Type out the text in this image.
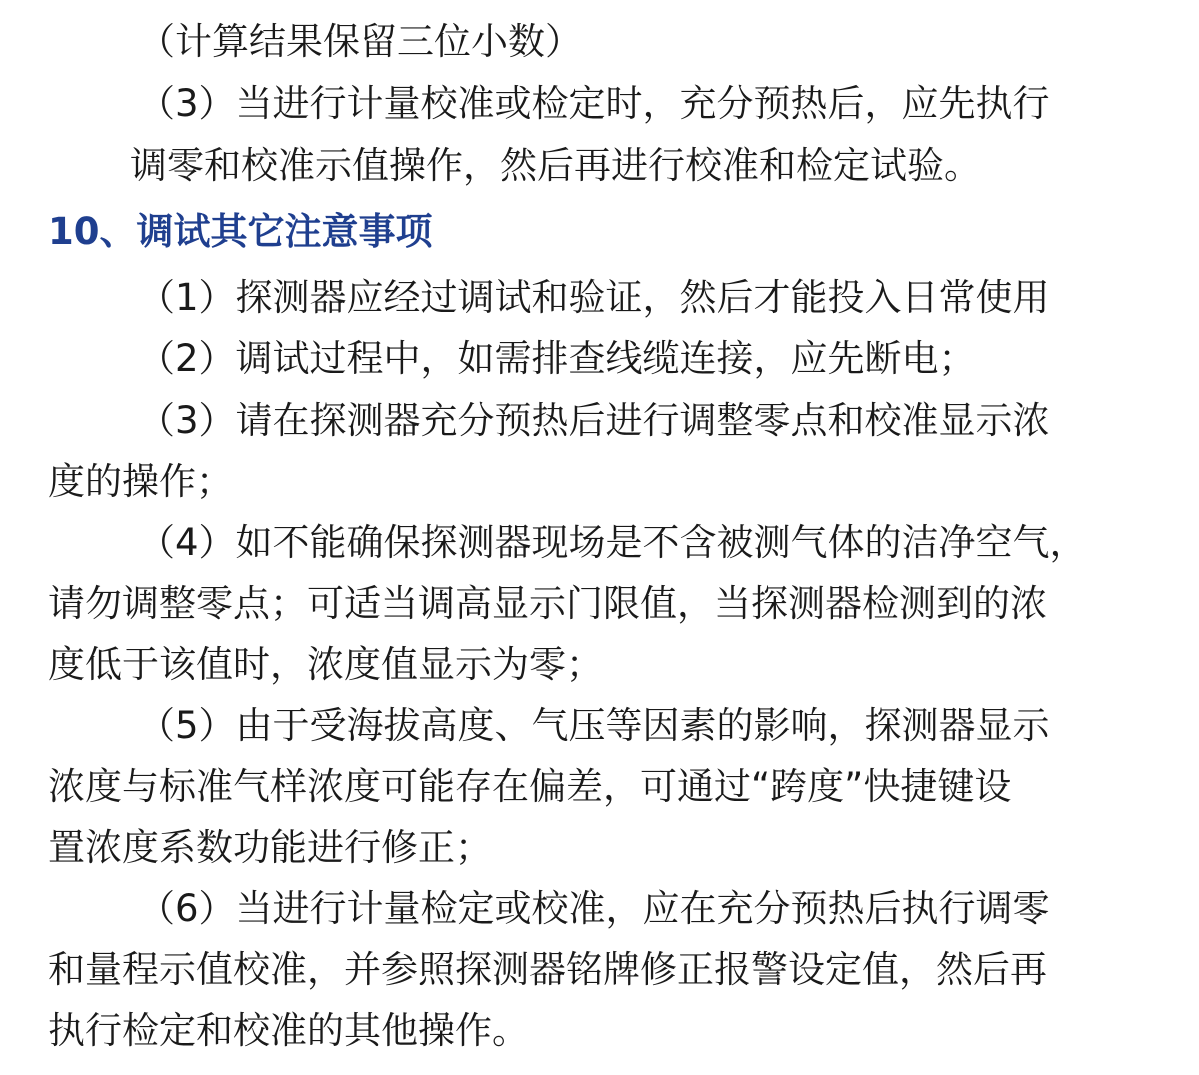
（计算结果保留三位小数）
（3）当进行计量校准或检定时，充分预热后，应先执行
调零和校准示值操作，然后再进行校准和检定试验。
10、调试其它注意事项
（1）探测器应经过调试和验证，然后才能投入日常使用
（2）调试过程中，如需排查线缆连接，应先断电；
（3）请在探测器充分预热后进行调整零点和校准显示浓
度的操作；
（4）如不能确保探测器现场是不含被测气体的洁净空气，
请勿调整零点；可适当调高显示门限值，当探测器检测到的浓
度低于该值时，浓度值显示为零；
（5）由于受海拔高度、气压等因素的影响，探测器显示
浓度与标准气样浓度可能存在偏差，可通过“跨度”快捷键设
置浓度系数功能进行修正；
（6）当进行计量检定或校准，应在充分预热后执行调零
和量程示值校准，并参照探测器铭牌修正报警设定值，然后再
执行检定和校准的其他操作。
